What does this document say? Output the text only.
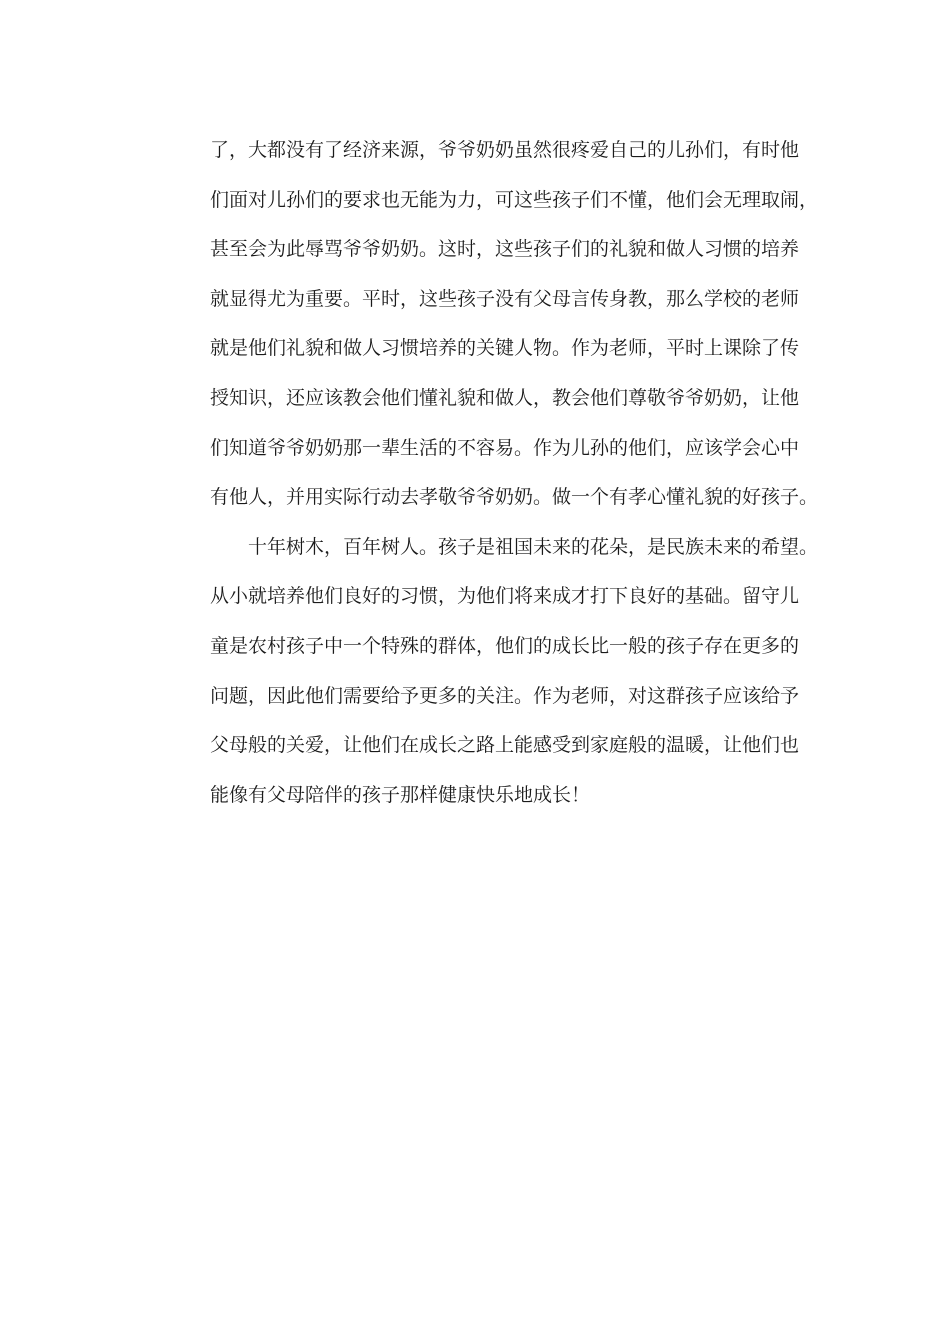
了，大都没有了经济来源，爷爷奶奶虽然很疼爱自己的儿孙们，有时他
们面对儿孙们的要求也无能为力，可这些孩子们不懂，他们会无理取闹，
甚至会为此辱骂爷爷奶奶。这时，这些孩子们的礼貌和做人习惯的培养
就显得尤为重要。平时，这些孩子没有父母言传身教，那么学校的老师
就是他们礼貌和做人习惯培养的关键人物。作为老师，平时上课除了传
授知识，还应该教会他们懂礼貌和做人，教会他们尊敬爷爷奶奶，让他
们知道爷爷奶奶那一辈生活的不容易。作为儿孙的他们，应该学会心中
有他人，并用实际行动去孝敬爷爷奶奶。做一个有孝心懂礼貌的好孩子。
十年树木，百年树人。孩子是祖国未来的花朵，是民族未来的希望。
从小就培养他们良好的习惯，为他们将来成才打下良好的基础。留守儿
童是农村孩子中一个特殊的群体，他们的成长比一般的孩子存在更多的
问题，因此他们需要给予更多的关注。作为老师，对这群孩子应该给予
父母般的关爱，让他们在成长之路上能感受到家庭般的温暖，让他们也
能像有父母陪伴的孩子那样健康快乐地成长！
